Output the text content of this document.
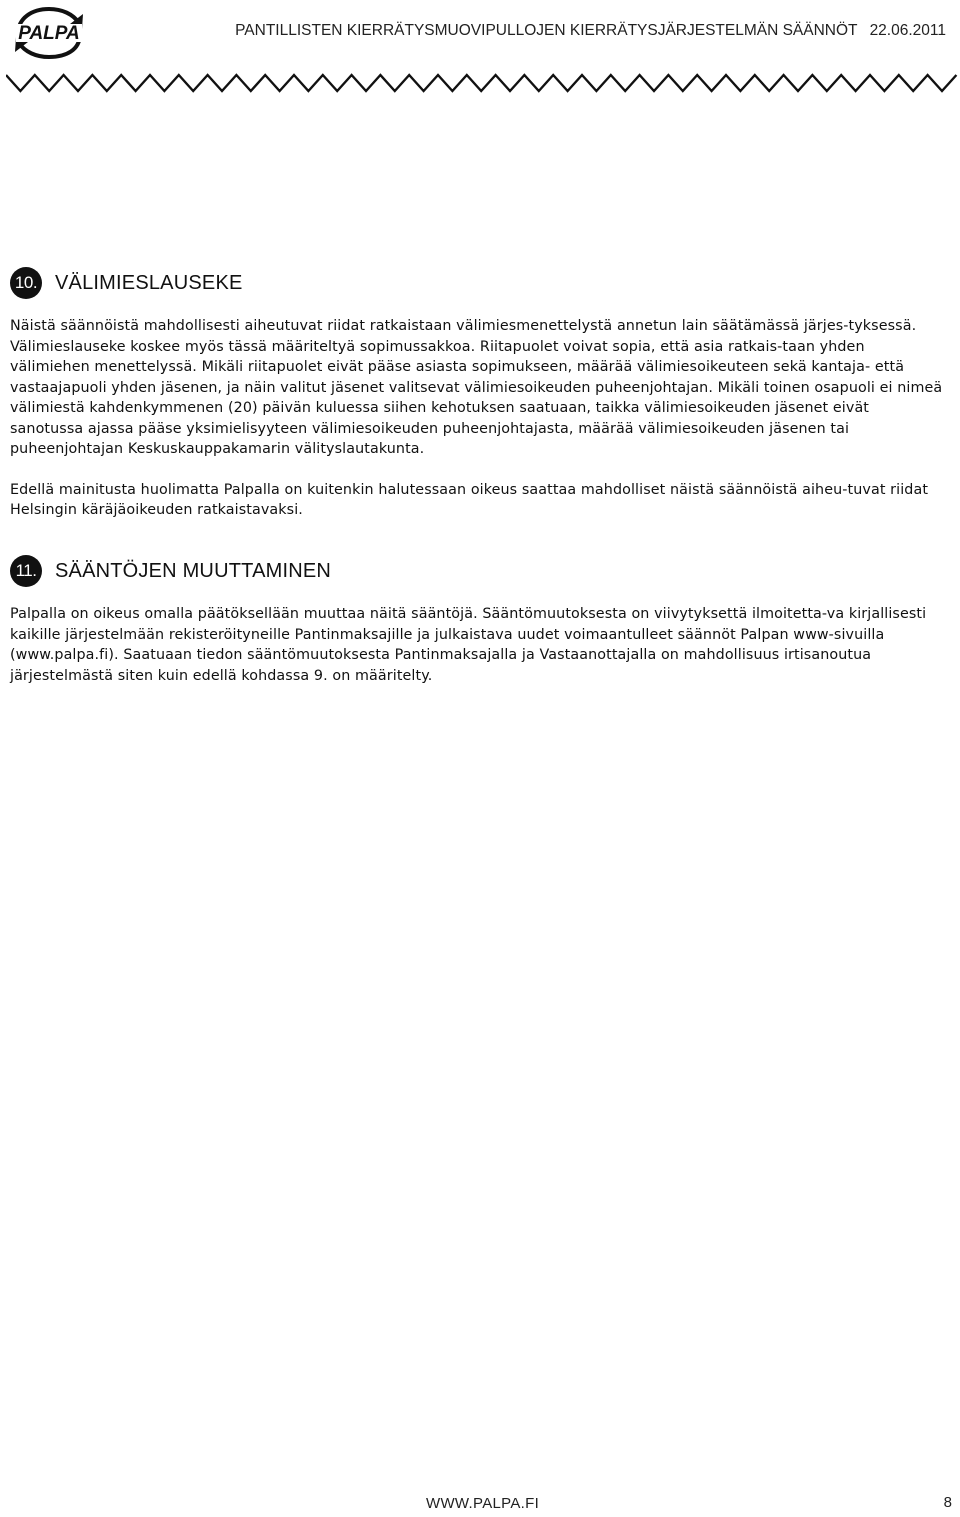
PALPA	PANTILLISTEN KIERRÄTYSMUOVIPULLOJEN KIERRÄTYSJÄRJESTELMÄN SÄÄNNÖT 22.06.2011
10. VÄLIMIESLAUSEKE

Näistä säännöistä mahdollisesti aiheutuvat riidat ratkaistaan välimiesmenettelystä annetun lain säätämässä järjes-tyksessä. Välimieslauseke koskee myös tässä määriteltyä sopimussakkoa. Riitapuolet voivat sopia, että asia ratkais-taan yhden välimiehen menettelyssä. Mikäli riitapuolet eivät pääse asiasta sopimukseen, määrää välimiesoikeuteen sekä kantaja- että vastaajapuoli yhden jäsenen, ja näin valitut jäsenet valitsevat välimiesoikeuden puheenjohtajan. Mikäli toinen osapuoli ei nimeä välimiestä kahdenkymmenen (20) päivän kuluessa siihen kehotuksen saatuaan, taikka välimiesoikeuden jäsenet eivät sanotussa ajassa pääse yksimielisyyteen välimiesoikeuden puheenjohtajasta, määrää välimiesoikeuden jäsenen tai puheenjohtajan Keskuskauppakamarin välityslautakunta.

Edellä mainitusta huolimatta Palpalla on kuitenkin halutessaan oikeus saattaa mahdolliset näistä säännöistä aiheu-tuvat riidat Helsingin käräjäoikeuden ratkaistavaksi.

11. SÄÄNTÖJEN MUUTTAMINEN

Palpalla on oikeus omalla päätöksellään muuttaa näitä sääntöjä. Sääntömuutoksesta on viivytyksettä ilmoitetta-va kirjallisesti kaikille järjestelmään rekisteröityneille Pantinmaksajille ja julkaistava uudet voimaantulleet säännöt Palpan www-sivuilla (www.palpa.fi). Saatuaan tiedon sääntömuutoksesta Pantinmaksajalla ja Vastaanottajalla on mahdollisuus irtisanoutua järjestelmästä siten kuin edellä kohdassa 9. on määritelty.

WWW.PALPA.FI	8
